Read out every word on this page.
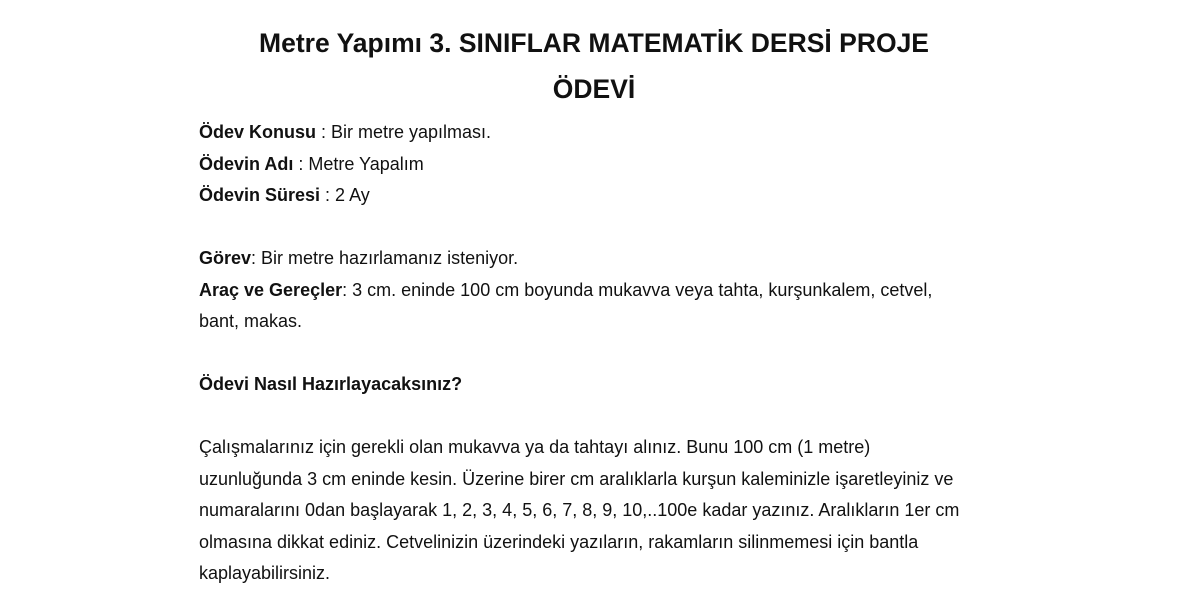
Metre Yapımı 3. SINIFLAR MATEMATİK DERSİ PROJE
ÖDEVİ
Ödev Konusu : Bir metre yapılması.
Ödevin Adı : Metre Yapalım
Ödevin Süresi : 2 Ay
Görev: Bir metre hazırlamanız isteniyor.
Araç ve Gereçler: 3 cm. eninde 100 cm boyunda mukavva veya tahta, kurşunkalem, cetvel,
bant, makas.
Ödevi Nasıl Hazırlayacaksınız?
Çalışmalarınız için gerekli olan mukavva ya da tahtayı alınız. Bunu 100 cm (1 metre)
uzunluğunda 3 cm eninde kesin. Üzerine birer cm aralıklarla kurşun kaleminizle işaretleyiniz ve
numaralarını 0dan başlayarak 1, 2, 3, 4, 5, 6, 7, 8, 9, 10,..100e kadar yazınız. Aralıkların 1er cm
olmasına dikkat ediniz. Cetvelinizin üzerindeki yazıların, rakamların silinmemesi için bantla
kaplayabilirsiniz.
